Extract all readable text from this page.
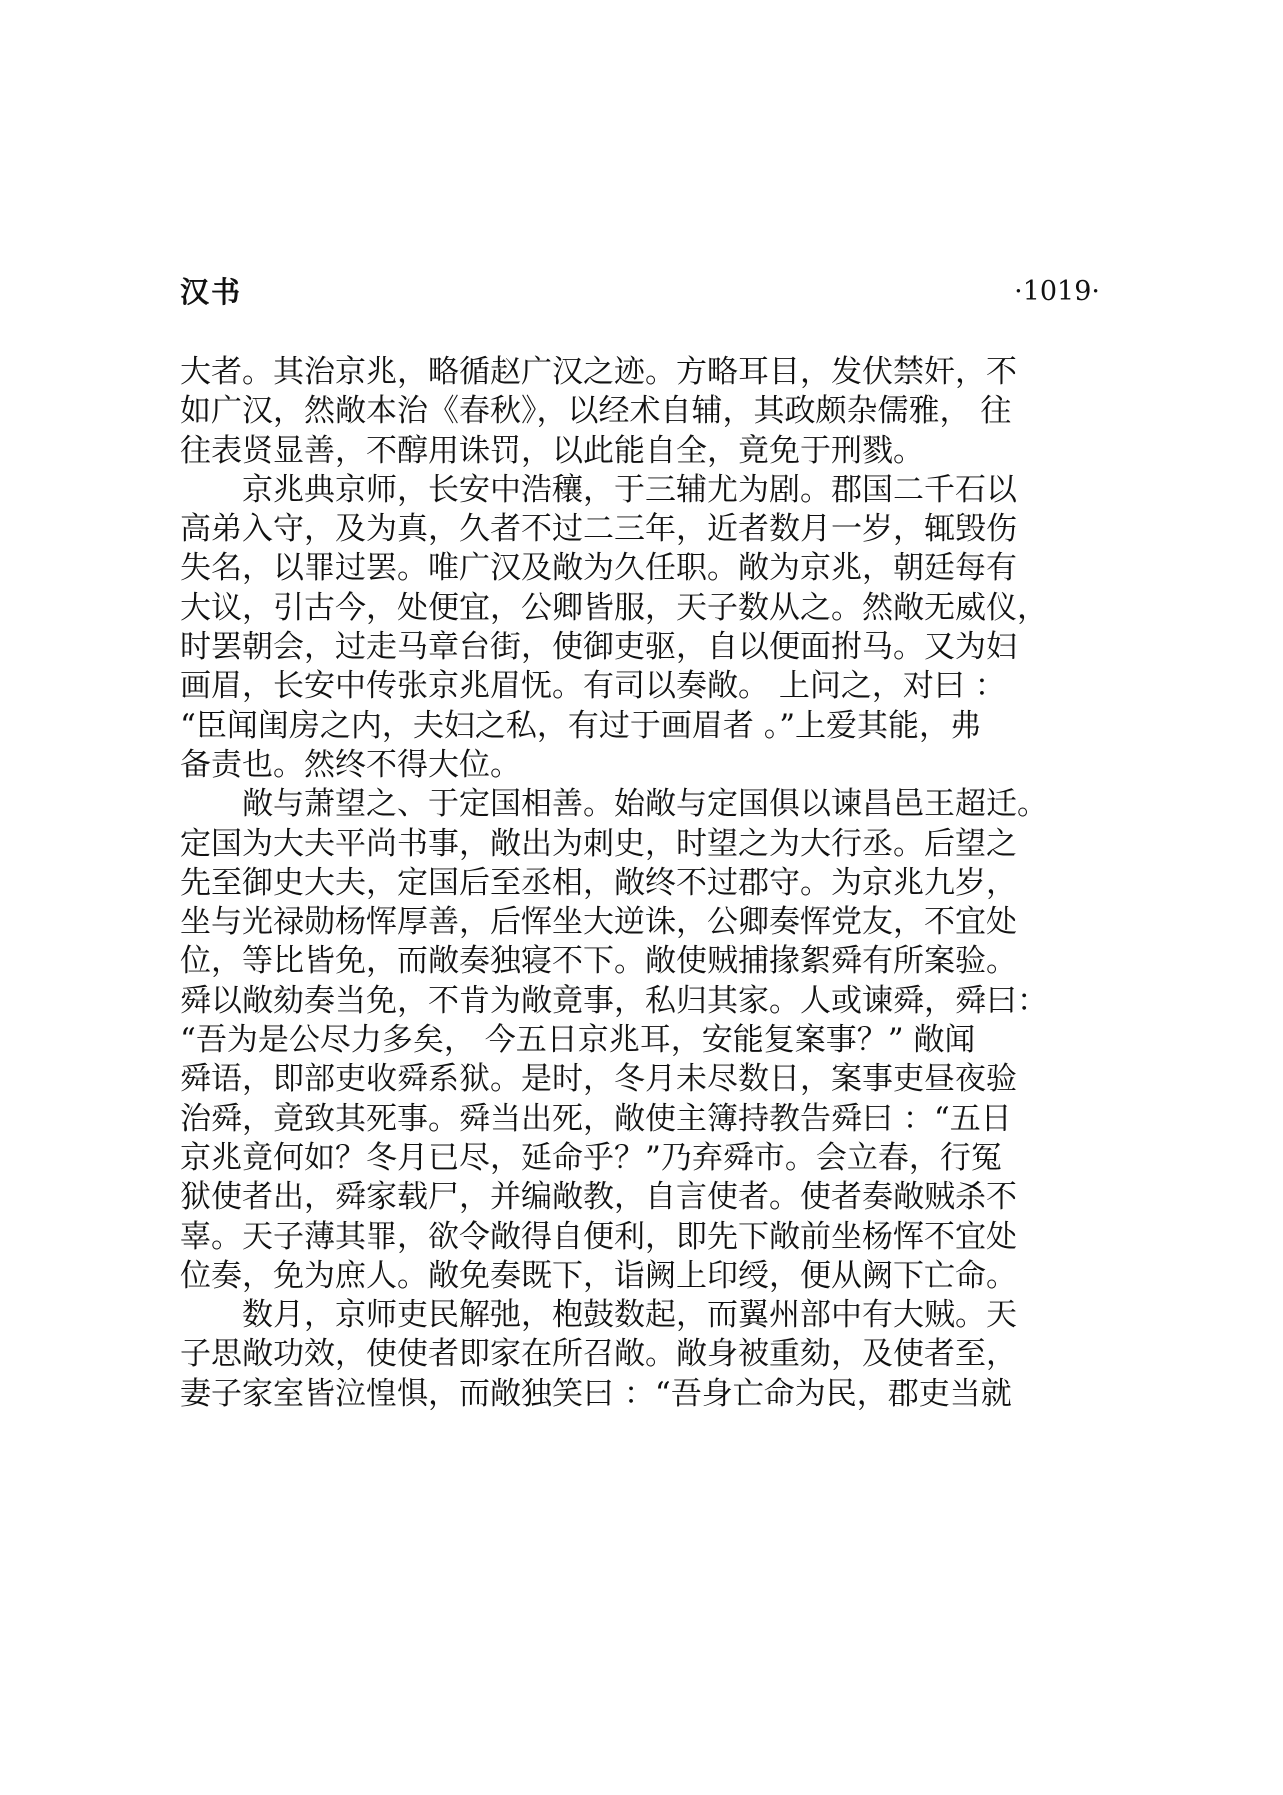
汉书	·1019·
大者。其治京兆，略循赵广汉之迹。方略耳目，发伏禁奸，不
如广汉，然敞本治《春秋》，以经术自辅，其政颇杂儒雅， 往
往表贤显善，不醇用诛罚，以此能自全，竟免于刑戮。
京兆典京师，长安中浩穰，于三辅尤为剧。郡国二千石以
高弟入守，及为真，久者不过二三年，近者数月一岁，辄毁伤
失名，以罪过罢。唯广汉及敞为久任职。敞为京兆，朝廷每有
大议，引古今，处便宜，公卿皆服，天子数从之。然敞无威仪，
时罢朝会，过走马章台街，使御吏驱，自以便面拊马。又为妇
画眉，长安中传张京兆眉怃。有司以奏敞。 上问之，对曰 ：
“臣闻闺房之内，夫妇之私，有过于画眉者 。”上爱其能，弗
备责也。然终不得大位。
敞与萧望之、于定国相善。始敞与定国俱以谏昌邑王超迁。
定国为大夫平尚书事，敞出为刺史，时望之为大行丞。后望之
先至御史大夫，定国后至丞相，敞终不过郡守。为京兆九岁，
坐与光禄勋杨恽厚善，后恽坐大逆诛，公卿奏恽党友，不宜处
位，等比皆免，而敞奏独寝不下。敞使贼捕掾絮舜有所案验。
舜以敞劾奏当免，不肯为敞竟事，私归其家。人或谏舜，舜曰：
“吾为是公尽力多矣， 今五日京兆耳，安能复案事？” 敞闻
舜语，即部吏收舜系狱。是时，冬月未尽数日，案事吏昼夜验
治舜，竟致其死事。舜当出死，敞使主簿持教告舜曰 ：“五日
京兆竟何如？冬月已尽，延命乎？”乃弃舜市。会立春，行冤
狱使者出，舜家载尸，并编敞教，自言使者。使者奏敞贼杀不
辜。天子薄其罪，欲令敞得自便利，即先下敞前坐杨恽不宜处
位奏，免为庶人。敞免奏既下，诣阙上印绶，便从阙下亡命。
数月，京师吏民解弛，枹鼓数起，而翼州部中有大贼。天
子思敞功效，使使者即家在所召敞。敞身被重劾，及使者至，
妻子家室皆泣惶惧，而敞独笑曰 ：“吾身亡命为民，郡吏当就
